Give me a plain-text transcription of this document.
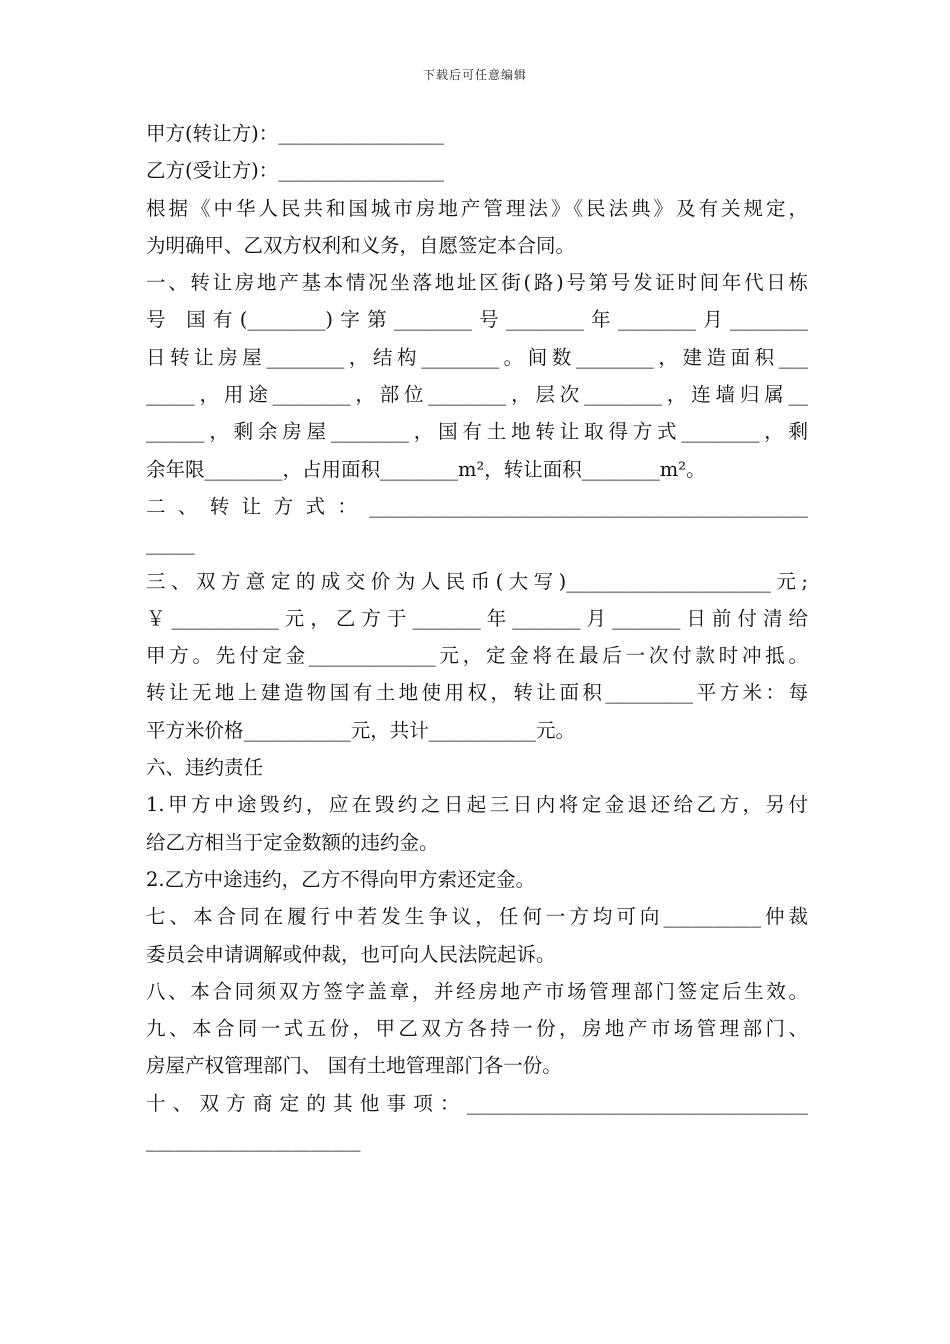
下载后可任意编辑
甲方(转让方)：_________________
乙方(受让方)：_________________
根据《中华人民共和国城市房地产管理法》《民法典》及有关规定，
为明确甲、乙双方权利和义务，自愿签定本合同。
一、转让房地产基本情况坐落地址区街(路)号第号发证时间年代日栋
号 国有(________)字第________号________年________月________
日转让房屋________，结构________。间数________，建造面积___
_____，用途________，部位________，层次________，连墙归属__
______，剩余房屋________，国有土地转让取得方式________，剩
余年限________，占用面积________m²，转让面积________m²。
二、转让方式：_____________________________________________
_____
三、双方意定的成交价为人民币(大写)_____________________元;
￥___________元，乙方于_______年_______月_______日前付清给
甲方。先付定金_____________元，定金将在最后一次付款时冲抵。
转让无地上建造物国有土地使用权，转让面积_________平方米：每
平方米价格___________元，共计___________元。
六、违约责任
1.甲方中途毁约，应在毁约之日起三日内将定金退还给乙方，另付
给乙方相当于定金数额的违约金。
2.乙方中途违约，乙方不得向甲方索还定金。
七、本合同在履行中若发生争议，任何一方均可向__________仲裁
委员会申请调解或仲裁，也可向人民法院起诉。
八、本合同须双方签字盖章，并经房地产市场管理部门签定后生效。
九、本合同一式五份，甲乙双方各持一份，房地产市场管理部门、
房屋产权管理部门、 国有土地管理部门各一份。
十、双方商定的其他事项：___________________________________
______________________
